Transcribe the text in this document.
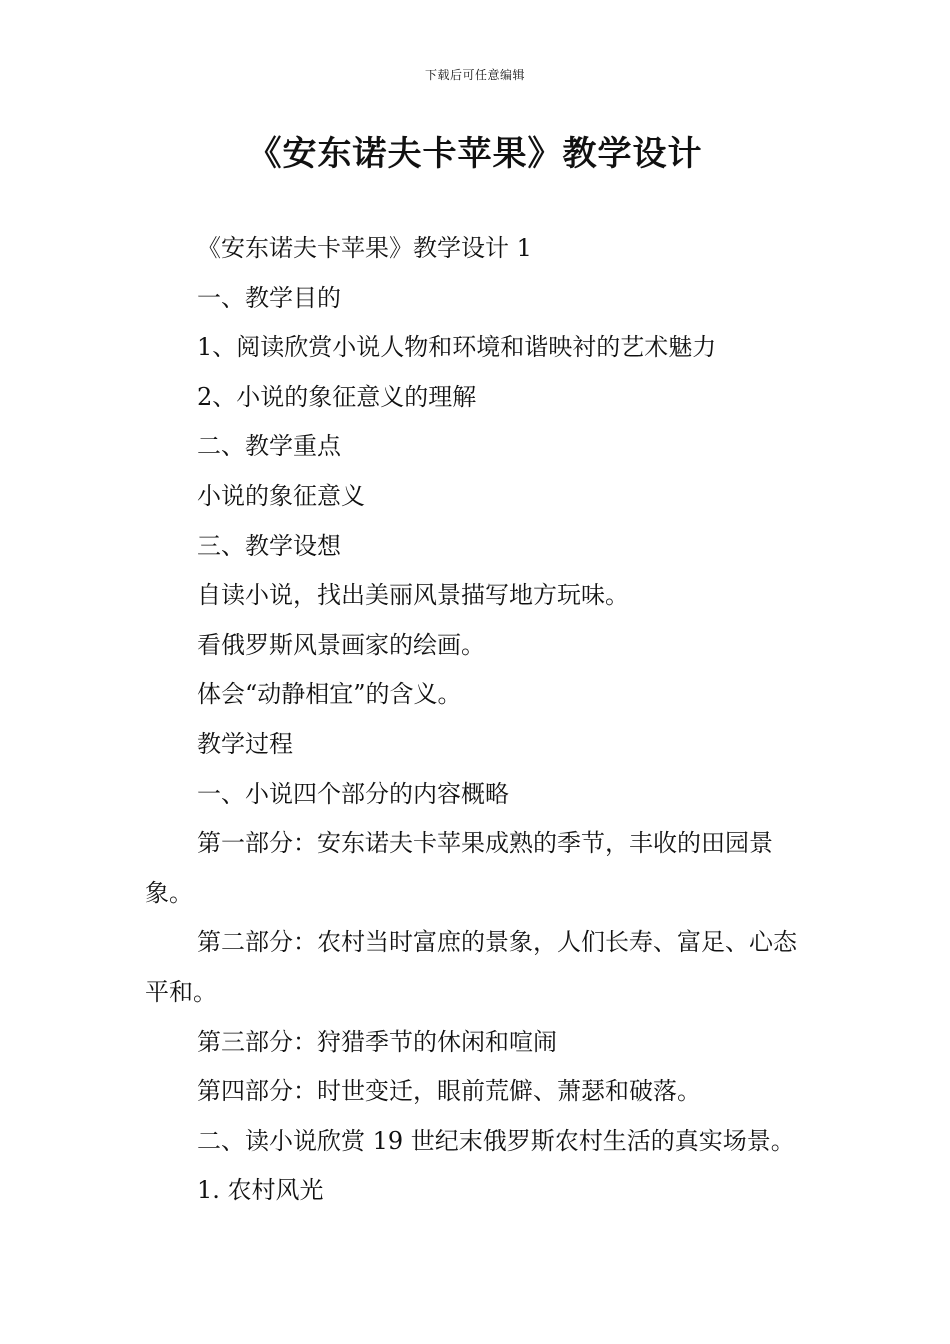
下载后可任意编辑
《安东诺夫卡苹果》教学设计

《安东诺夫卡苹果》教学设计 1

一、教学目的

1、阅读欣赏小说人物和环境和谐映衬的艺术魅力

2、小说的象征意义的理解

二、教学重点

小说的象征意义

三、教学设想

自读小说，找出美丽风景描写地方玩味。

看俄罗斯风景画家的绘画。

体会“动静相宜”的含义。

教学过程

一、小说四个部分的内容概略

第一部分：安东诺夫卡苹果成熟的季节，丰收的田园景象。

第二部分：农村当时富庶的景象，人们长寿、富足、心态平和。

第三部分：狩猎季节的休闲和喧闹

第四部分：时世变迁，眼前荒僻、萧瑟和破落。

二、读小说欣赏 19 世纪末俄罗斯农村生活的真实场景。

1. 农村风光
